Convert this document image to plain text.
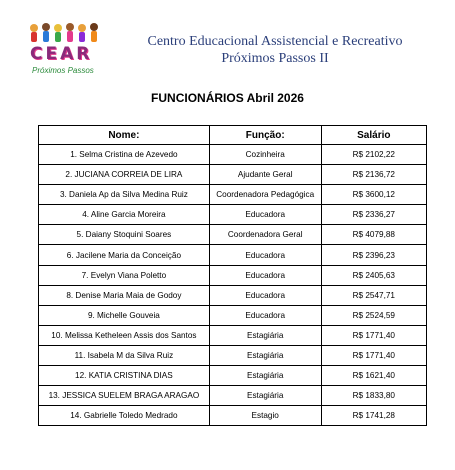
CEAR
Próximos Passos
Centro Educacional Assistencial e Recreativo
Próximos Passos II
FUNCIONÁRIOS Abril 2026
Nome:	Função:	Salário
1. Selma Cristina de Azevedo	Cozinheira	R$ 2102,22
2. JUCIANA CORREIA DE LIRA	Ajudante Geral	R$ 2136,72
3. Daniela Ap da Silva Medina Ruiz	Coordenadora Pedagógica	R$ 3600,12
4. Aline Garcia Moreira	Educadora	R$ 2336,27
5. Daiany Stoquini Soares	Coordenadora Geral	R$ 4079,88
6. Jacilene Maria da Conceição	Educadora	R$ 2396,23
7. Evelyn Viana Poletto	Educadora	R$ 2405,63
8. Denise Maria Maia de Godoy	Educadora	R$ 2547,71
9. Michelle Gouveia	Educadora	R$ 2524,59
10. Melissa Ketheleen Assis dos Santos	Estagiária	R$ 1771,40
11. Isabela M da Silva Ruiz	Estagiária	R$ 1771,40
12. KATIA CRISTINA DIAS	Estagiária	R$ 1621,40
13. JESSICA SUELEM BRAGA ARAGAO	Estagiária	R$ 1833,80
14. Gabrielle Toledo Medrado	Estagio	R$ 1741,28
